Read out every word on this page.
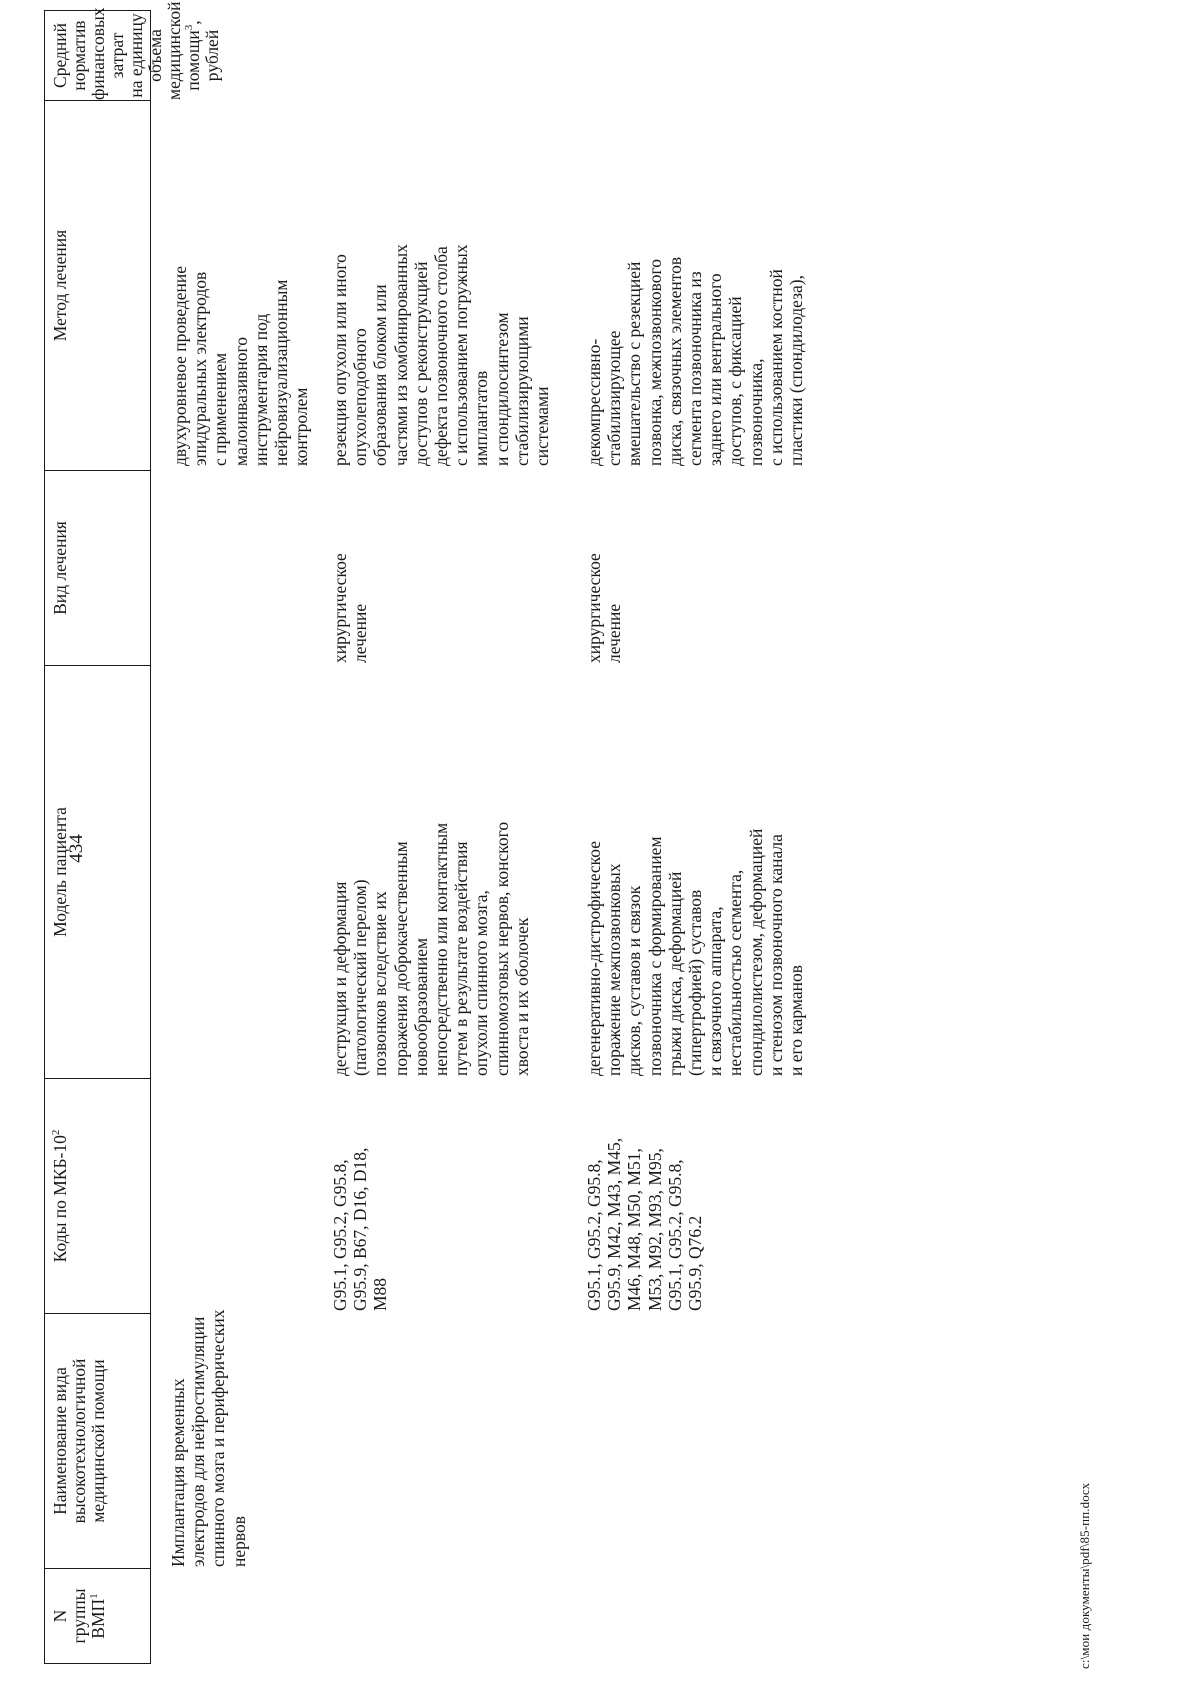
434
N
группы
ВМП$^1$
Наименование вида
высокотехнологичной
медицинской помощи
Коды по МКБ-$10^2$
Модель пациента
Вид лечения
Метод лечения
Средний норматив
финансовых затрат
на единицу объема
медицинской
помощи$^3$, рублей
Имплантация временных
электродов для нейростимуляции
спинного мозга и периферических
нервов
двухуровневое проведение
эпидуральных электродов
с применением
малоинвазивного
инструментария под
нейровизуализационным
контролем
G95.1, G95.2, G95.8,
G95.9, B67, D16, D18,
M88
деструкция и деформация
(патологический перелом)
позвонков вследствие их
поражения доброкачественным
новообразованием
непосредственно или контактным
путем в результате воздействия
опухоли спинного мозга,
спинномозговых нервов, конского
хвоста и их оболочек
хирургическое
лечение
резекция опухоли или иного
опухолеподобного
образования блоком или
частями из комбинированных
доступов с реконструкцией
дефекта позвоночного столба
с использованием погружных
имплантатов
и спондилосинтезом
стабилизирующими
системами
G95.1, G95.2, G95.8,
G95.9, M42, M43, M45,
M46, M48, M50, M51,
M53, M92, M93, M95,
G95.1, G95.2, G95.8,
G95.9, Q76.2
дегенеративно-дистрофическое
поражение межпозвонковых
дисков, суставов и связок
позвоночника с формированием
грыжи диска, деформацией
(гипертрофией) суставов
и связочного аппарата,
нестабильностью сегмента,
спондилолистезом, деформацией
и стенозом позвоночного канала
и его карманов
хирургическое
лечение
декомпрессивно-
стабилизирующее
вмешательство с резекцией
позвонка, межпозвонкового
диска, связочных элементов
сегмента позвоночника из
заднего или вентрального
доступов, с фиксацией
позвоночника,
с использованием костной
пластики (спондилодеза),
c:\мои документы\pdf\85-пп.docx
